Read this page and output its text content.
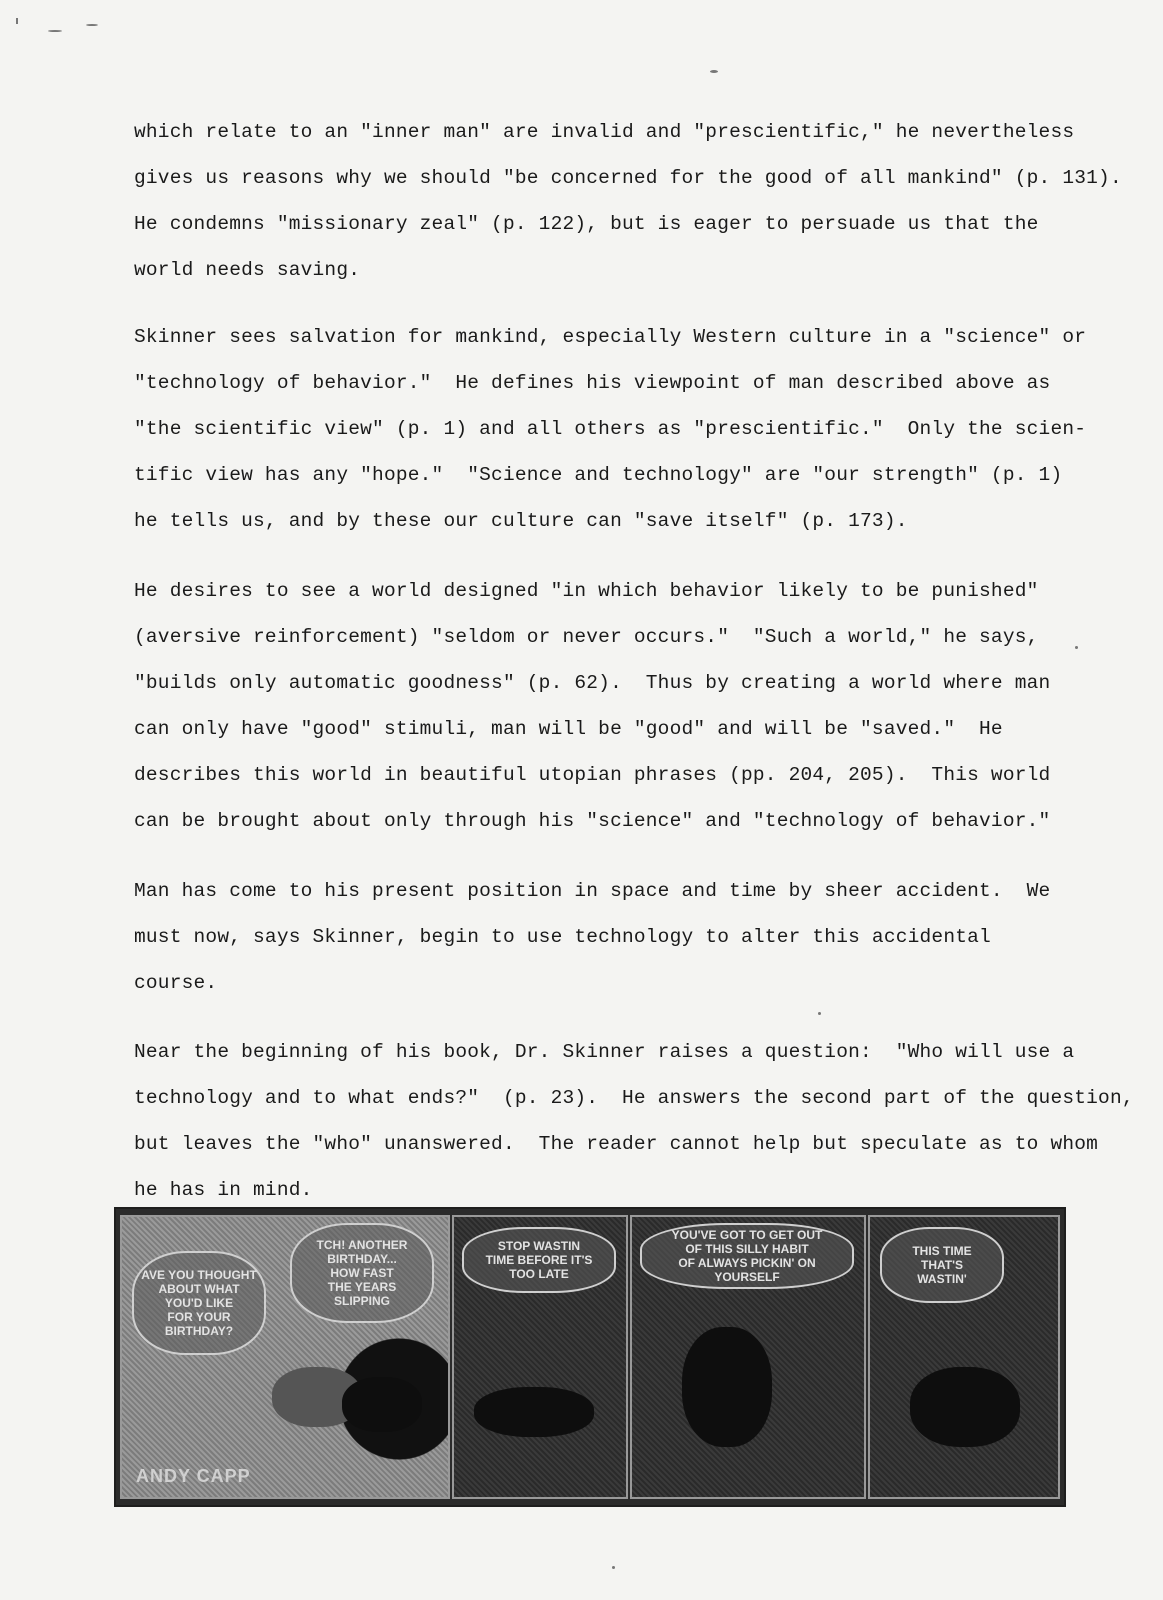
which relate to an "inner man" are invalid and "prescientific," he nevertheless
gives us reasons why we should "be concerned for the good of all mankind" (p. 131).
He condemns "missionary zeal" (p. 122), but is eager to persuade us that the
world needs saving.
Skinner sees salvation for mankind, especially Western culture in a "science" or
"technology of behavior."  He defines his viewpoint of man described above as
"the scientific view" (p. 1) and all others as "prescientific."  Only the scien-
tific view has any "hope."  "Science and technology" are "our strength" (p. 1)
he tells us, and by these our culture can "save itself" (p. 173).
He desires to see a world designed "in which behavior likely to be punished"
(aversive reinforcement) "seldom or never occurs."  "Such a world," he says,
"builds only automatic goodness" (p. 62).  Thus by creating a world where man
can only have "good" stimuli, man will be "good" and will be "saved."  He
describes this world in beautiful utopian phrases (pp. 204, 205).  This world
can be brought about only through his "science" and "technology of behavior."
Man has come to his present position in space and time by sheer accident.  We
must now, says Skinner, begin to use technology to alter this accidental
course.
Near the beginning of his book, Dr. Skinner raises a question:  "Who will use a
technology and to what ends?"  (p. 23).  He answers the second part of the question,
but leaves the "who" unanswered.  The reader cannot help but speculate as to whom
he has in mind.
AVE YOU THOUGHT
ABOUT WHAT
YOU'D LIKE
FOR YOUR
BIRTHDAY?
TCH! ANOTHER
BIRTHDAY...
HOW FAST
THE YEARS
SLIPPING
ANDY CAPP
STOP WASTIN
TIME BEFORE IT'S
TOO LATE
YOU'VE GOT TO GET OUT
OF THIS SILLY HABIT
OF ALWAYS PICKIN' ON
YOURSELF
THIS TIME
THAT'S
WASTIN'
